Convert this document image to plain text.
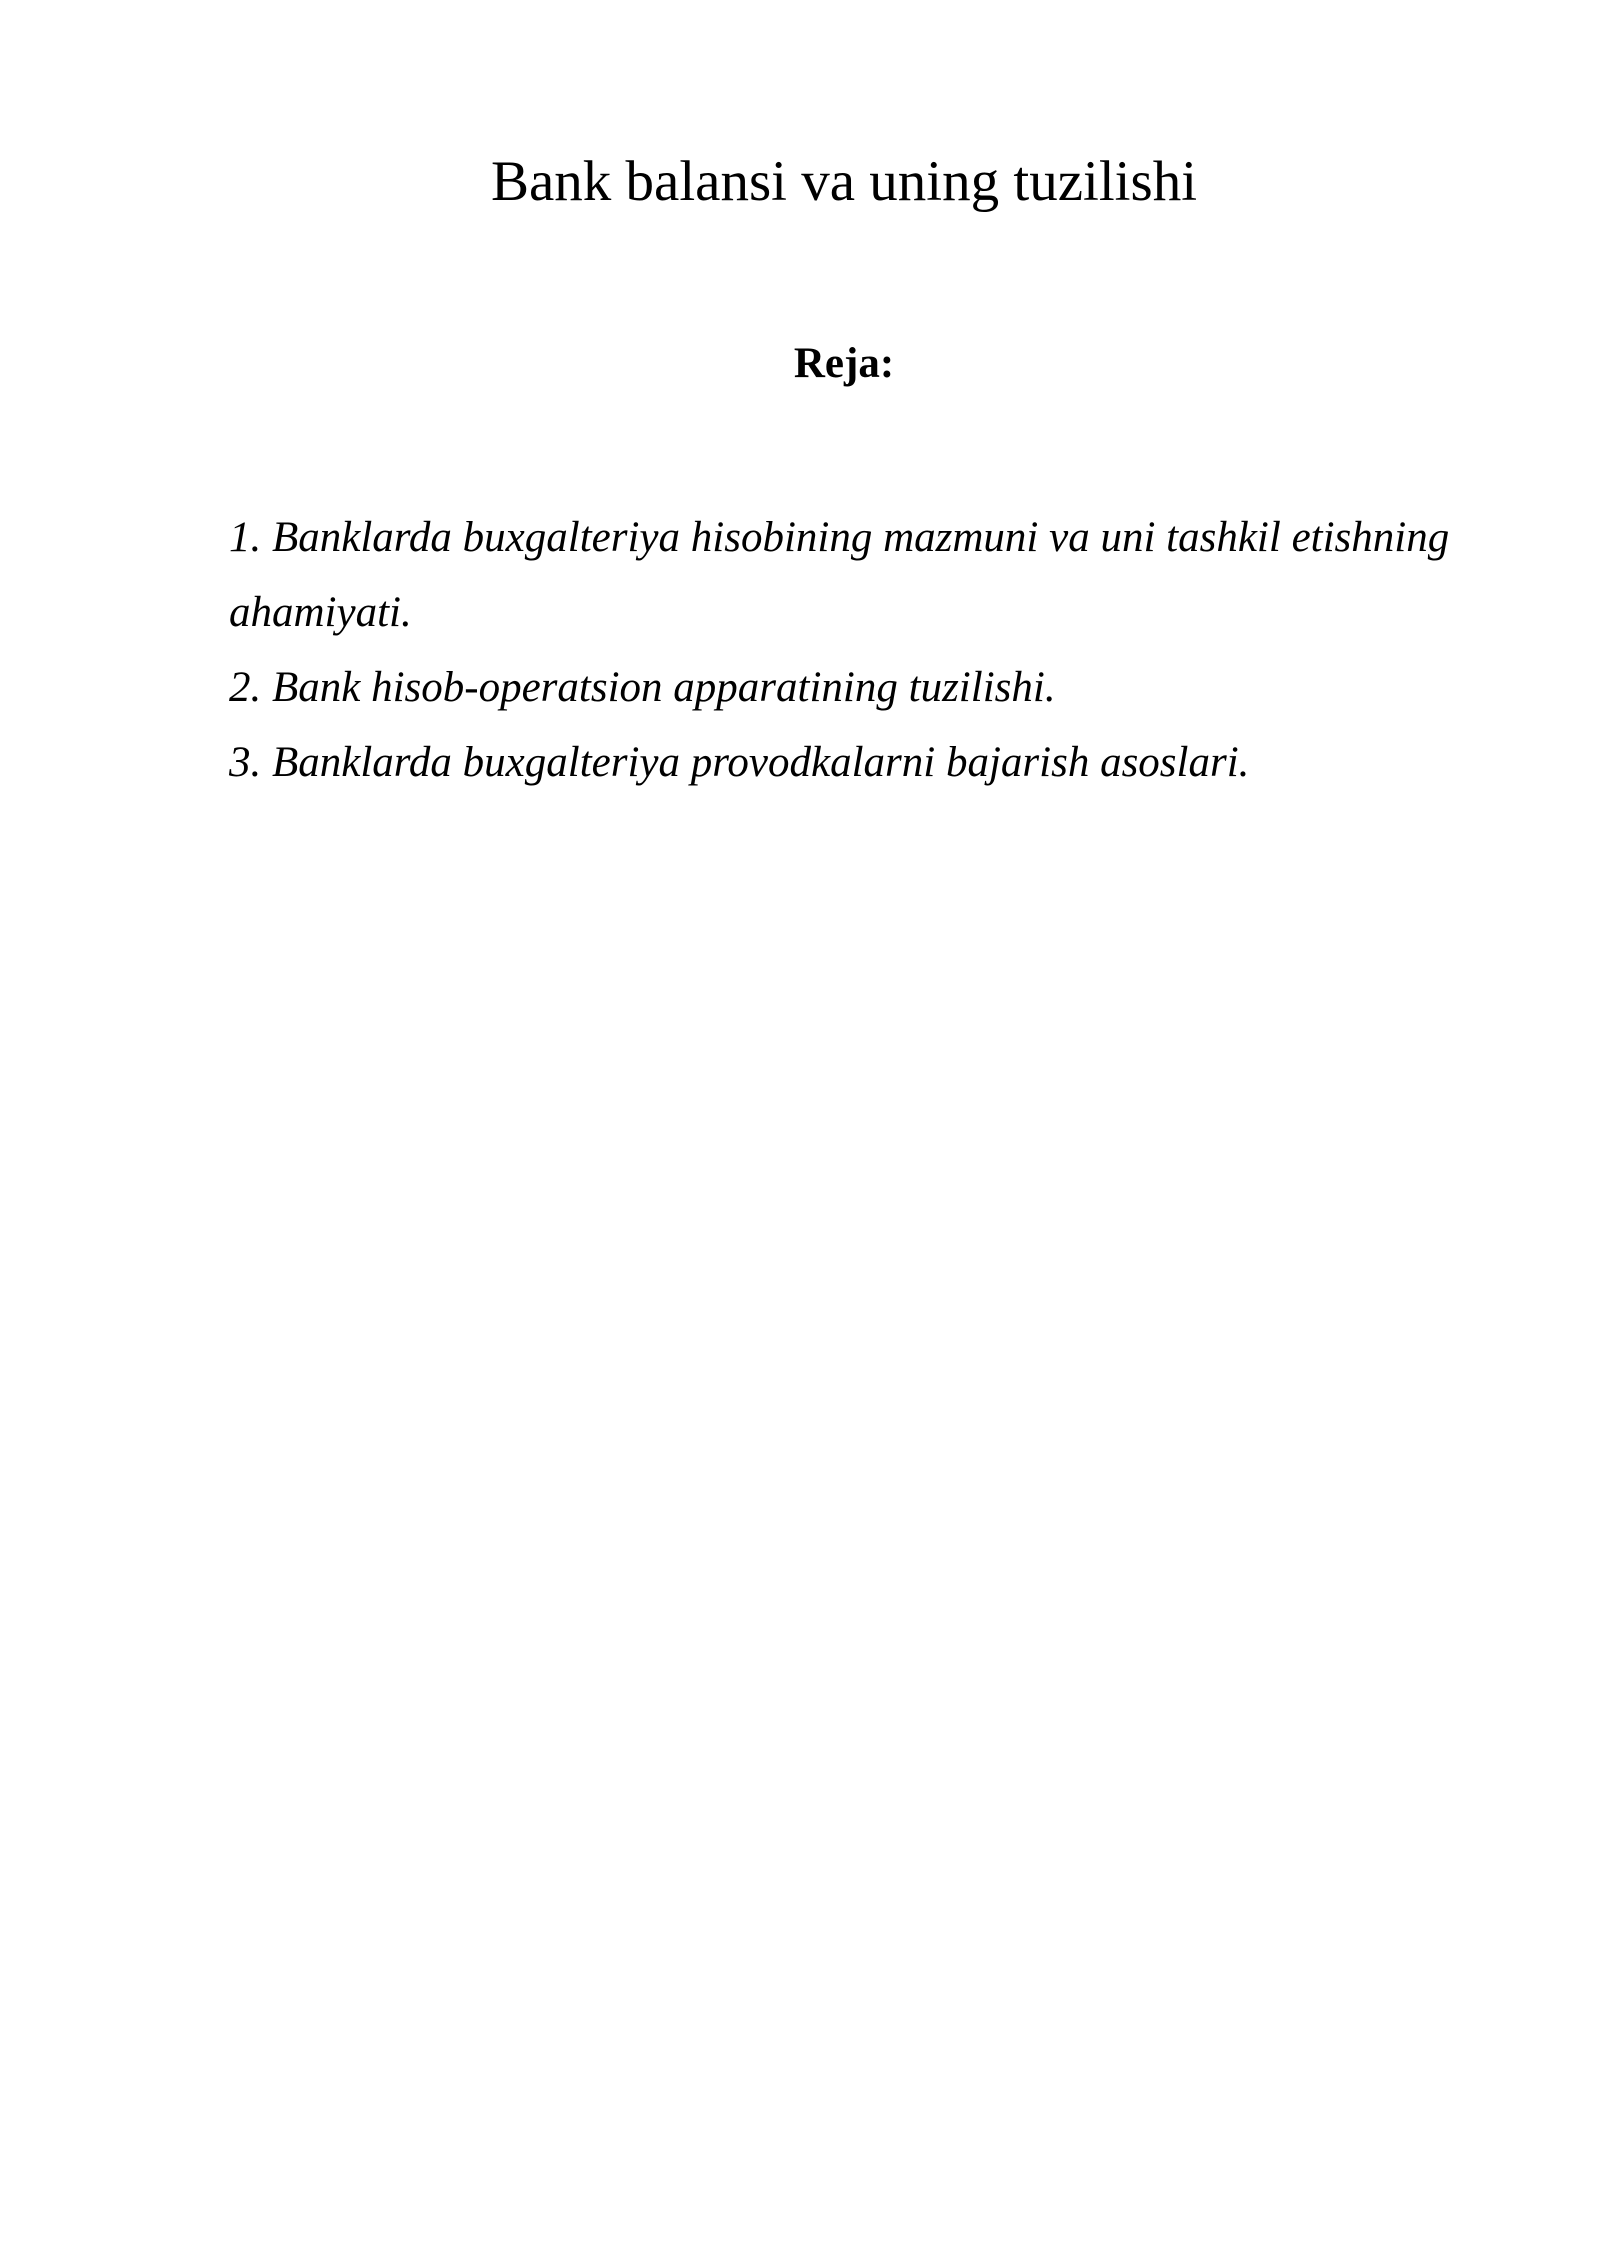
Bank balansi va uning tuzilishi
Reja:
1. Banklarda buxgalteriya hisobining mazmuni va uni tashkil etishning ahamiyati.
2. Bank hisob-operatsion apparatining tuzilishi.
3. Banklarda buxgalteriya provodkalarni bajarish asoslari.
